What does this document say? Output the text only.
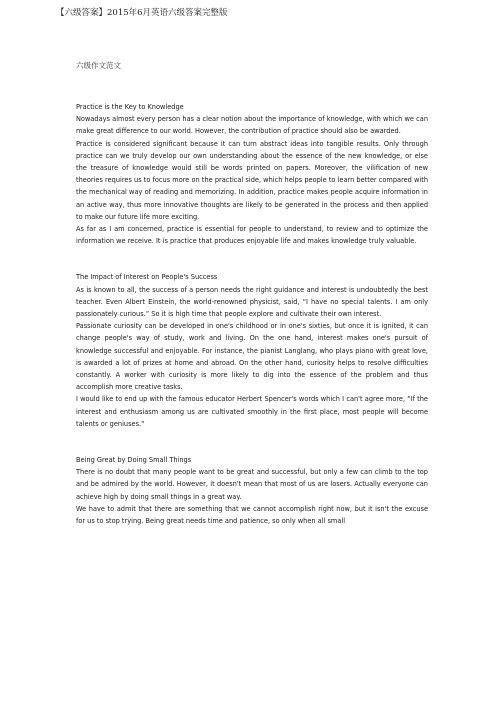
【六级答案】2015年6月英语六级答案完整版
六级作文范文

Practice is the Key to Knowledge

Nowadays almost every person has a clear notion about the importance of knowledge, with which we can make great difference to our world. However, the contribution of practice should also be awarded.

Practice is considered significant because it can turn abstract ideas into tangible results. Only through practice can we truly develop our own understanding about the essence of the new knowledge, or else the treasure of knowledge would still be words printed on papers. Moreover, the vilification of new theories requires us to focus more on the practical side, which helps people to learn better compared with the mechanical way of reading and memorizing. In addition, practice makes people acquire information in an active way, thus more innovative thoughts are likely to be generated in the process and then applied to make our future life more exciting.

As far as I am concerned, practice is essential for people to understand, to review and to optimize the information we receive. It is practice that produces enjoyable life and makes knowledge truly valuable.

The Impact of Interest on People's Success

As is known to all, the success of a person needs the right guidance and interest is undoubtedly the best teacher. Even Albert Einstein, the world-renowned physicist, said, “I have no special talents. I am only passionately curious.” So it is high time that people explore and cultivate their own interest.

Passionate curiosity can be developed in one's childhood or in one's sixties, but once it is ignited, it can change people's way of study, work and living. On the one hand, interest makes one's pursuit of knowledge successful and enjoyable. For instance, the pianist Langlang, who plays piano with great love, is awarded a lot of prizes at home and abroad. On the other hand, curiosity helps to resolve difficulties constantly. A worker with curiosity is more likely to dig into the essence of the problem and thus accomplish more creative tasks.

I would like to end up with the famous educator Herbert Spencer's words which I can't agree more, “If the interest and enthusiasm among us are cultivated smoothly in the first place, most people will become talents or geniuses.”

Being Great by Doing Small Things

There is no doubt that many people want to be great and successful, but only a few can climb to the top and be admired by the world. However, it doesn't mean that most of us are losers. Actually everyone can achieve high by doing small things in a great way.

We have to admit that there are something that we cannot accomplish right now, but it isn't the excuse for us to stop trying. Being great needs time and patience, so only when all small
